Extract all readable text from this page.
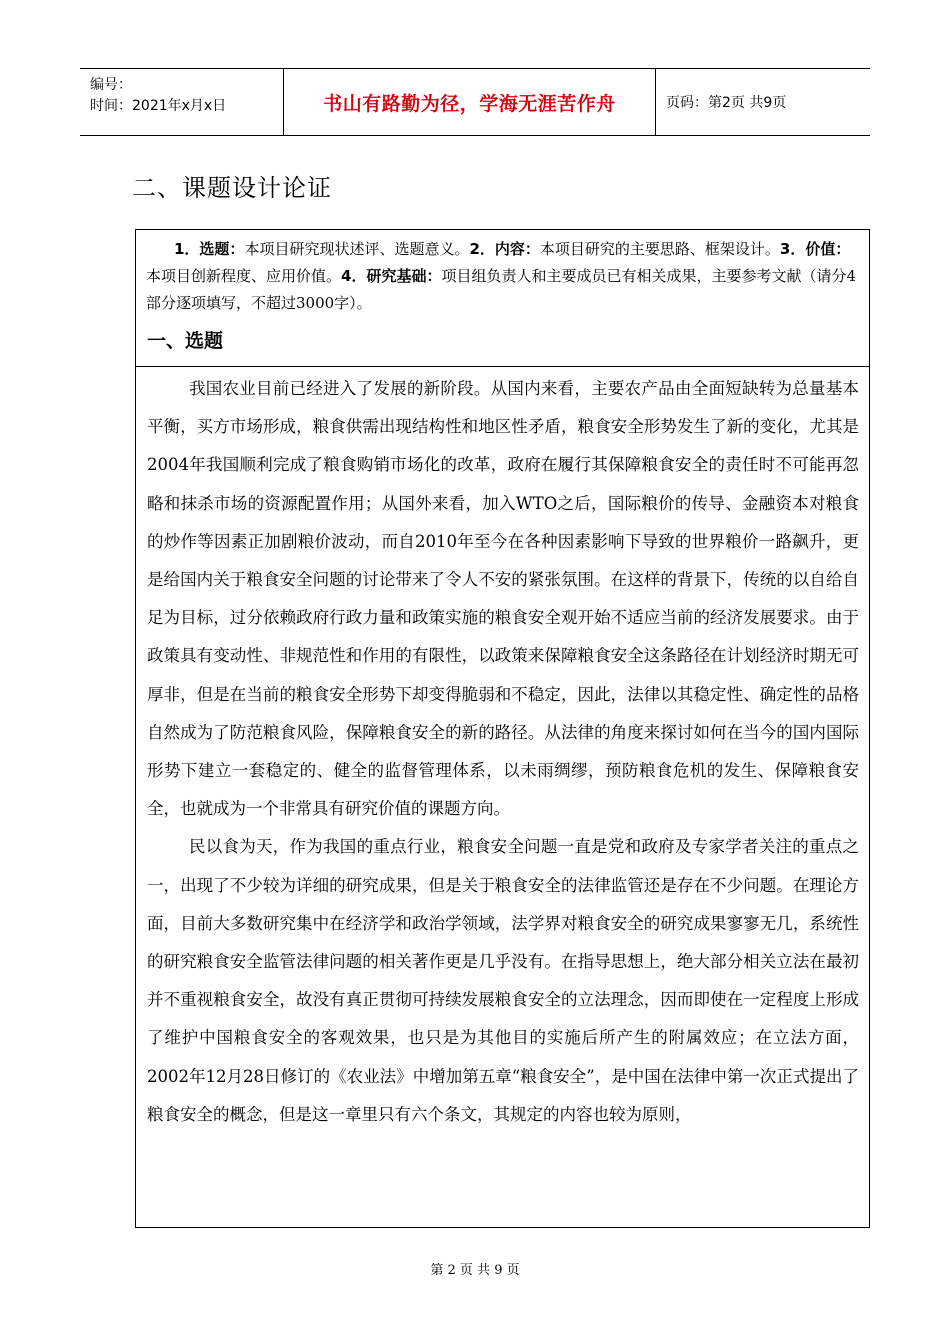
编号：
时间：2021年x月x日	书山有路勤为径，学海无涯苦作舟	页码：第2页 共9页
二、课题设计论证

1．选题：本项目研究现状述评、选题意义。2．内容：本项目研究的主要思路、框架设计。3．价值：本项目创新程度、应用价值。4．研究基础：项目组负责人和主要成员已有相关成果，主要参考文献（请分4部分逐项填写，不超过3000字）。

一、选题

我国农业目前已经进入了发展的新阶段。从国内来看，主要农产品由全面短缺转为总量基本平衡，买方市场形成，粮食供需出现结构性和地区性矛盾，粮食安全形势发生了新的变化，尤其是2004年我国顺利完成了粮食购销市场化的改革，政府在履行其保障粮食安全的责任时不可能再忽略和抹杀市场的资源配置作用；从国外来看，加入WTO之后，国际粮价的传导、金融资本对粮食的炒作等因素正加剧粮价波动，而自2010年至今在各种因素影响下导致的世界粮价一路飙升，更是给国内关于粮食安全问题的讨论带来了令人不安的紧张氛围。在这样的背景下，传统的以自给自足为目标，过分依赖政府行政力量和政策实施的粮食安全观开始不适应当前的经济发展要求。由于政策具有变动性、非规范性和作用的有限性，以政策来保障粮食安全这条路径在计划经济时期无可厚非，但是在当前的粮食安全形势下却变得脆弱和不稳定，因此，法律以其稳定性、确定性的品格自然成为了防范粮食风险，保障粮食安全的新的路径。从法律的角度来探讨如何在当今的国内国际形势下建立一套稳定的、健全的监督管理体系，以未雨绸缪，预防粮食危机的发生、保障粮食安全，也就成为一个非常具有研究价值的课题方向。

民以食为天，作为我国的重点行业，粮食安全问题一直是党和政府及专家学者关注的重点之一，出现了不少较为详细的研究成果，但是关于粮食安全的法律监管还是存在不少问题。在理论方面，目前大多数研究集中在经济学和政治学领域，法学界对粮食安全的研究成果寥寥无几，系统性的研究粮食安全监管法律问题的相关著作更是几乎没有。在指导思想上，绝大部分相关立法在最初并不重视粮食安全，故没有真正贯彻可持续发展粮食安全的立法理念，因而即使在一定程度上形成了维护中国粮食安全的客观效果，也只是为其他目的实施后所产生的附属效应；在立法方面，2002年12月28日修订的《农业法》中增加第五章“粮食安全”，是中国在法律中第一次正式提出了粮食安全的概念，但是这一章里只有六个条文，其规定的内容也较为原则，

第 2 页 共 9 页
